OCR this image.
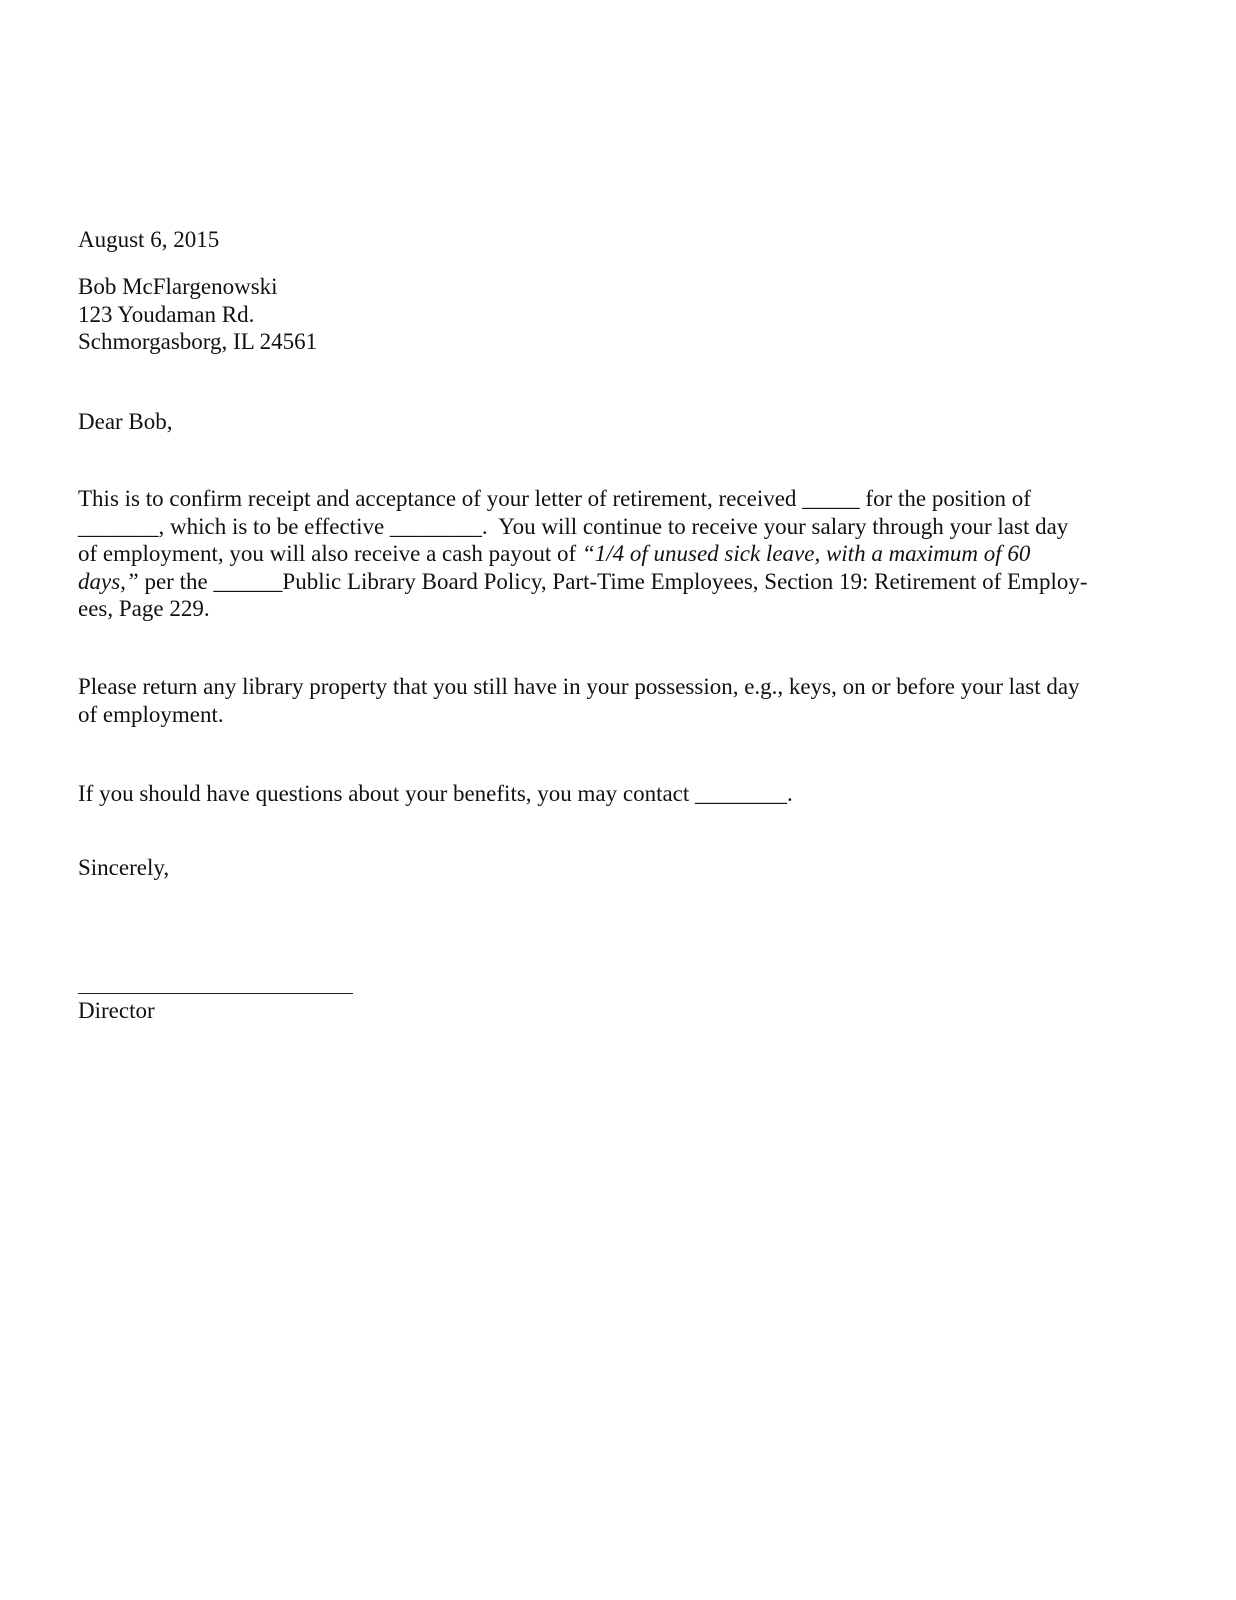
August 6, 2015
Bob McFlargenowski
123 Youdaman Rd.
Schmorgasborg, IL 24561
Dear Bob,
This is to confirm receipt and acceptance of your letter of retirement, received _____ for the position of
_______, which is to be effective ________.  You will continue to receive your salary through your last day
of employment, you will also receive a cash payout of “1/4 of unused sick leave, with a maximum of 60
days,” per the ______Public Library Board Policy, Part-Time Employees, Section 19: Retirement of Employ-
ees, Page 229.
Please return any library property that you still have in your possession, e.g., keys, on or before your last day
of employment.
If you should have questions about your benefits, you may contact ________.
Sincerely,
Director
